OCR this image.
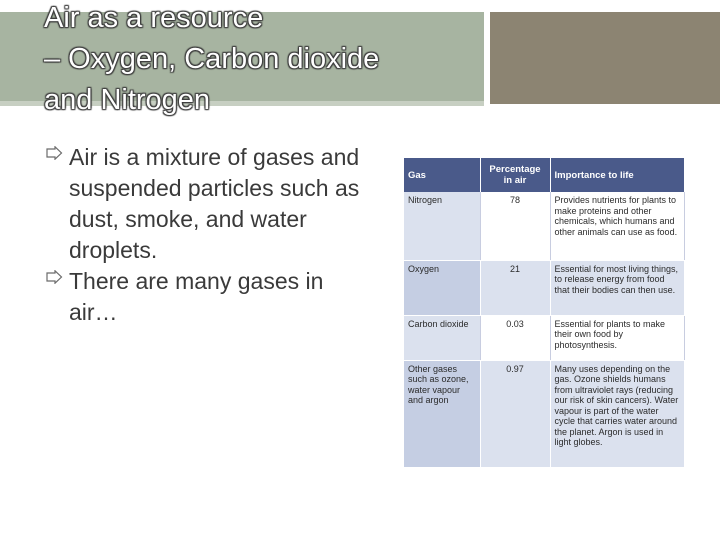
Air as a resource
– Oxygen, Carbon dioxide
and Nitrogen
Air is a mixture of gases and suspended particles such as dust, smoke, and water droplets.
There are many gases in air…
Gas	Percentage in air	Importance to life
Nitrogen	78	Provides nutrients for plants to make proteins and other chemicals, which humans and other animals can use as food.
Oxygen	21	Essential for most living things, to release energy from food that their bodies can then use.
Carbon dioxide	0.03	Essential for plants to make their own food by photosynthesis.
Other gases such as ozone, water vapour and argon	0.97	Many uses depending on the gas. Ozone shields humans from ultraviolet rays (reducing our risk of skin cancers). Water vapour is part of the water cycle that carries water around the planet. Argon is used in light globes.
